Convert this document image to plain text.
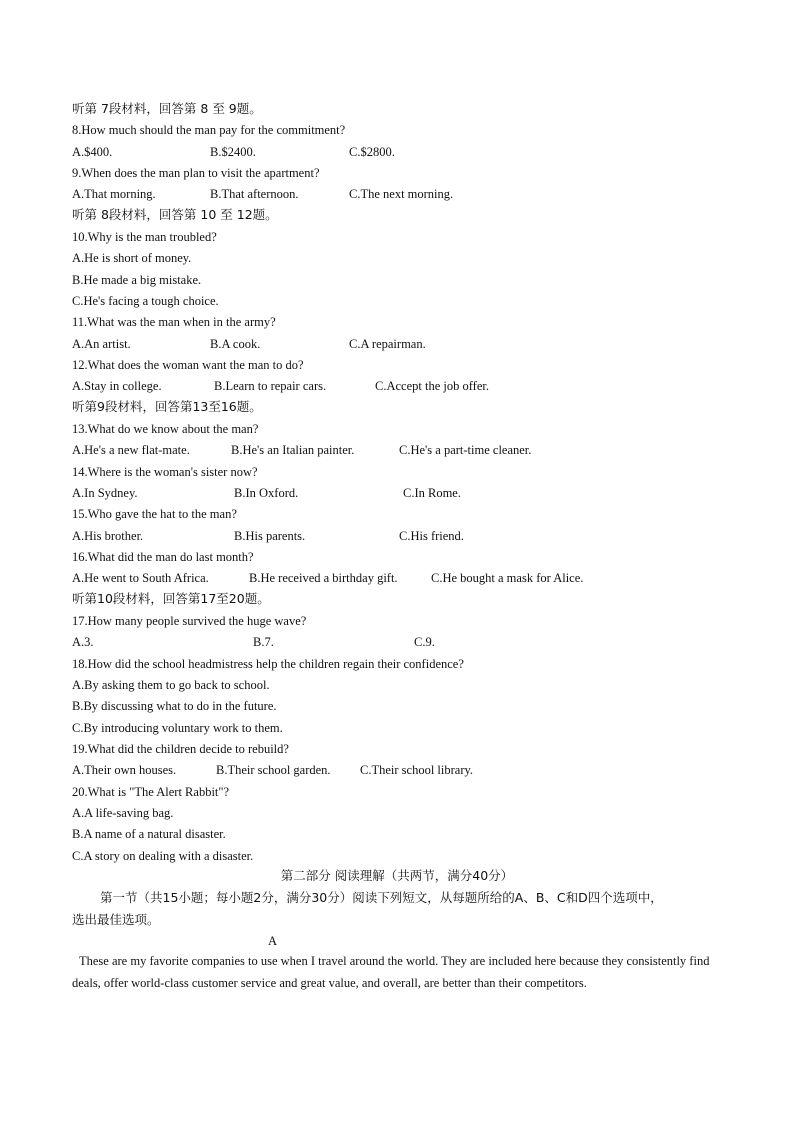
听第 7段材料，回答第 8 至 9题。
8.How much should the man pay for the commitment?
A.$400.	B.$2400.	C.$2800.
9.When does the man plan to visit the apartment?
A.That morning.	B.That afternoon.	C.The next morning.
听第 8段材料，回答第 10 至 12题。
10.Why is the man troubled?
A.He is short of money.
B.He made a big mistake.
C.He's facing a tough choice.
11.What was the man when in the army?
A.An artist.	B.A cook.	C.A repairman.
12.What does the woman want the man to do?
A.Stay in college.	B.Learn to repair cars.	C.Accept the job offer.
听第9段材料，回答第13至16题。
13.What do we know about the man?
A.He's a new flat-mate.	B.He's an Italian painter.	C.He's a part-time cleaner.
14.Where is the woman's sister now?
A.In Sydney.	B.In Oxford.	C.In Rome.
15.Who gave the hat to the man?
A.His brother.	B.His parents.	C.His friend.
16.What did the man do last month?
A.He went to South Africa.	B.He received a birthday gift.	C.He bought a mask for Alice.
听第10段材料，回答第17至20题。
17.How many people survived the huge wave?
A.3.	B.7.	C.9.
18.How did the school headmistress help the children regain their confidence?
A.By asking them to go back to school.
B.By discussing what to do in the future.
C.By introducing voluntary work to them.
19.What did the children decide to rebuild?
A.Their own houses.	B.Their school garden. C.Their school library.
20.What is "The Alert Rabbit"?
A.A life-saving bag.
B.A name of a natural disaster.
C.A story on dealing with a disaster.
第二部分 阅读理解（共两节，满分40分）
第一节（共15小题；每小题2分，满分30分）阅读下列短文，从每题所给的A、B、C和D四个选项中，
选出最佳选项。
A
These are my favorite companies to use when I travel around the world. They are included here because they consistently find deals, offer world-class customer service and great value, and overall, are better than their competitors.
